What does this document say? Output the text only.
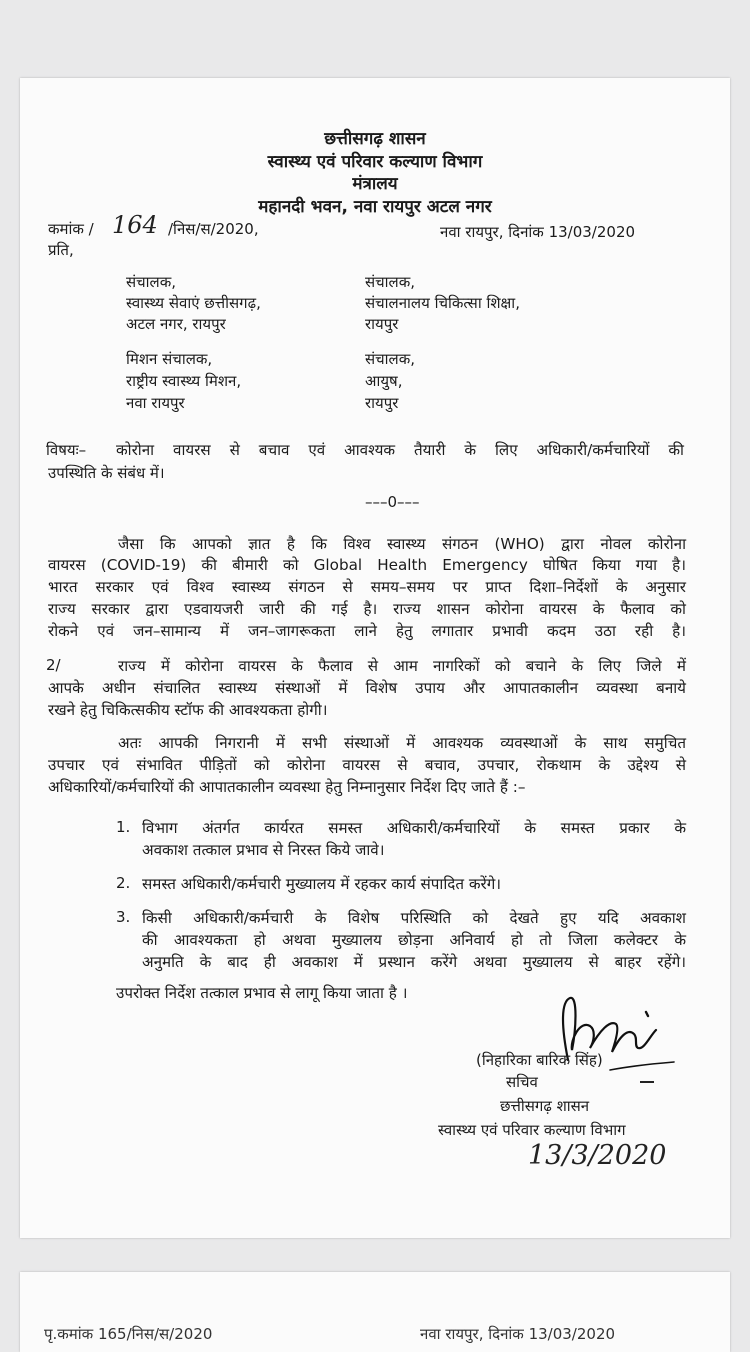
छत्तीसगढ़ शासन
स्वास्थ्य एवं परिवार कल्याण विभाग
मंत्रालय
महानदी भवन, नवा रायपुर अटल नगर
कमांक / 164 /निस/स/2020,	नवा रायपुर, दिनांक 13/03/2020
प्रति,
संचालक,
स्वास्थ्य सेवाएं छत्तीसगढ़,
अटल नगर, रायपुर
मिशन संचालक,
राष्ट्रीय स्वास्थ्य मिशन,
नवा रायपुर
संचालक,
संचालनालय चिकित्सा शिक्षा,
रायपुर
संचालक,
आयुष,
रायपुर
विषयः– कोरोना वायरस से बचाव एवं आवश्यक तैयारी के लिए अधिकारी/कर्मचारियों की
उपस्थिति के संबंध में।
–––0–––
जैसा कि आपको ज्ञात है कि विश्व स्वास्थ्य संगठन (WHO) द्वारा नोवल कोरोना
वायरस (COVID-19) की बीमारी को Global Health Emergency घोषित किया गया है।
भारत सरकार एवं विश्व स्वास्थ्य संगठन से समय–समय पर प्राप्त दिशा–निर्देशों के अनुसार
राज्य सरकार द्वारा एडवायजरी जारी की गई है। राज्य शासन कोरोना वायरस के फैलाव को
रोकने एवं जन–सामान्य में जन–जागरूकता लाने हेतु लगातार प्रभावी कदम उठा रही है।
2/	राज्य में कोरोना वायरस के फैलाव से आम नागरिकों को बचाने के लिए जिले में
आपके अधीन संचालित स्वास्थ्य संस्थाओं में विशेष उपाय और आपातकालीन व्यवस्था बनाये
रखने हेतु चिकित्सकीय स्टॉफ की आवश्यकता होगी।
अतः आपकी निगरानी में सभी संस्थाओं में आवश्यक व्यवस्थाओं के साथ समुचित
उपचार एवं संभावित पीड़ितों को कोरोना वायरस से बचाव, उपचार, रोकथाम के उद्देश्य से
अधिकारियों/कर्मचारियों की आपातकालीन व्यवस्था हेतु निम्नानुसार निर्देश दिए जाते हैं :–
1. विभाग अंतर्गत कार्यरत समस्त अधिकारी/कर्मचारियों के समस्त प्रकार के
अवकाश तत्काल प्रभाव से निरस्त किये जावे।
2. समस्त अधिकारी/कर्मचारी मुख्यालय में रहकर कार्य संपादित करेंगे।
3. किसी अधिकारी/कर्मचारी के विशेष परिस्थिति को देखते हुए यदि अवकाश
की आवश्यकता हो अथवा मुख्यालय छोड़ना अनिवार्य हो तो जिला कलेक्टर के
अनुमति के बाद ही अवकाश में प्रस्थान करेंगे अथवा मुख्यालय से बाहर रहेंगे।
उपरोक्त निर्देश तत्काल प्रभाव से लागू किया जाता है ।
(निहारिका बारिक सिंह)
सचिव
छत्तीसगढ़ शासन
स्वास्थ्य एवं परिवार कल्याण विभाग
13/3/2020
पृ.कमांक 165/निस/स/2020	नवा रायपुर, दिनांक 13/03/2020
